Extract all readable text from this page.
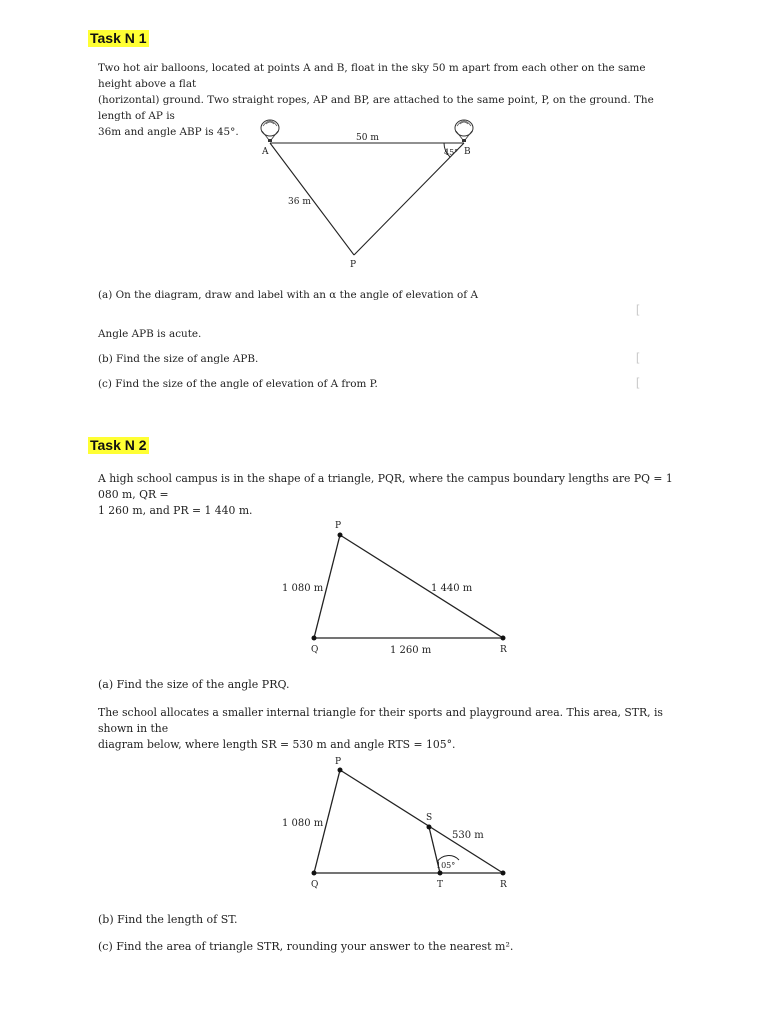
Task N 1
Two hot air balloons, located at points A and B, float in the sky 50 m apart from each other on the same height above a flat
(horizontal) ground. Two straight ropes, AP and BP, are attached to the same point, P, on the ground. The length of AP is
36m and angle ABP is 45°.
A	B
P
50 m
36 m
45°
(a) On the diagram, draw and label with an α the angle of elevation of A
[
Angle APB is acute.
(b) Find the size of angle APB.	[
(c) Find the size of the angle of elevation of A from P.	[
Task N 2
A high school campus is in the shape of a triangle, PQR, where the campus boundary lengths are PQ = 1 080 m, QR =
1 260 m, and PR = 1 440 m.
P
Q	R
1 080 m	1 440 m
1 260 m
(a) Find the size of the angle PRQ.
The school allocates a smaller internal triangle for their sports and playground area. This area, STR, is shown in the
diagram below, where length SR = 530 m and angle RTS = 105°.
P
Q	R
S
T
1 080 m
530 m
105°
(b) Find the length of ST.
(c) Find the area of triangle STR, rounding your answer to the nearest m².
